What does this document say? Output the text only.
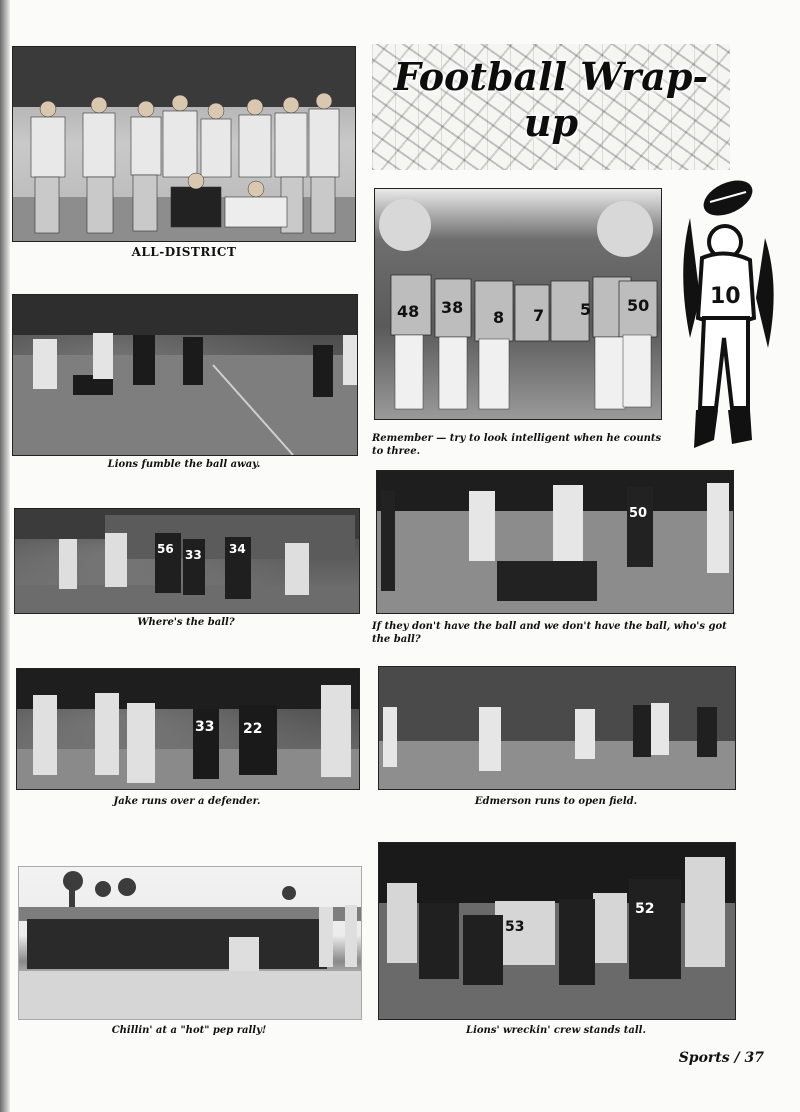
ALL-DISTRICT
Football Wrap-up
Lions fumble the ball away.
48 38
8 7 5 50
Remember — try to look intelligent when he counts to three.
10
56 33 34
Where's the ball?
50
If they don't have the ball and we don't have the ball, who's got the ball?
33 22
Jake runs over a defender.	Edmerson runs to open field.
Chillin' at a "hot" pep rally!
53
52
Lions' wreckin' crew stands tall.
Sports / 37
